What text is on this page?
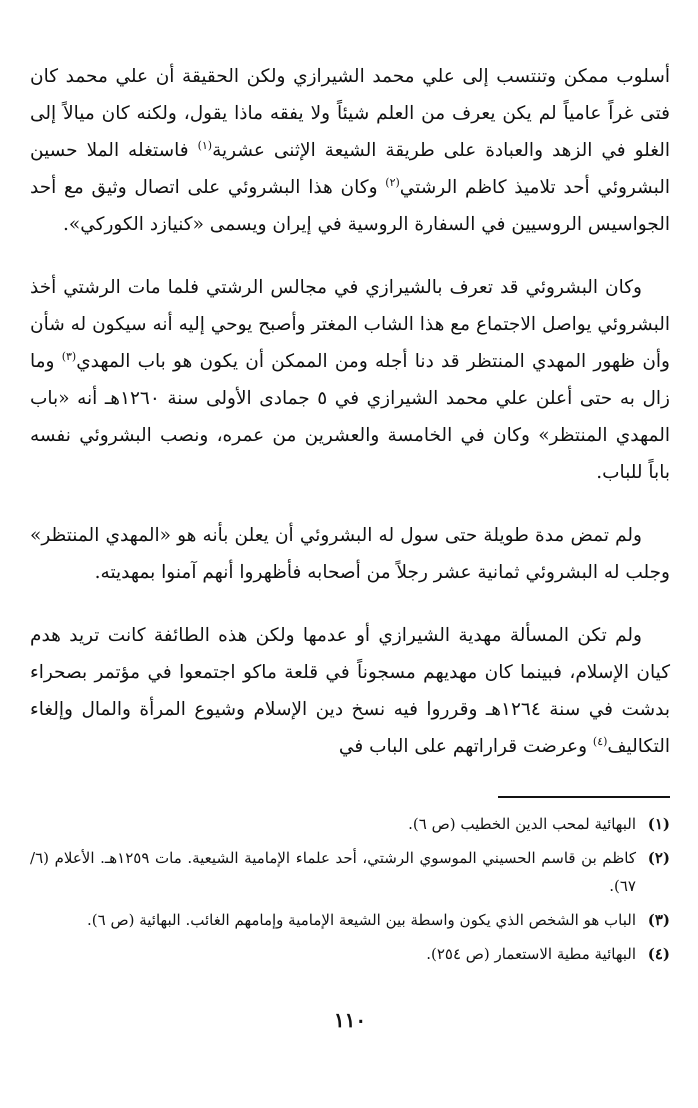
أسلوب ممكن وتنتسب إلى علي محمد الشيرازي ولكن الحقيقة أن علي محمد كان فتى غراً عامياً لم يكن يعرف من العلم شيئاً ولا يفقه ماذا يقول، ولكنه كان ميالاً إلى الغلو في الزهد والعبادة على طريقة الشيعة الإثنى عشرية$^{(١)}$ فاستغله الملا حسين البشروئي أحد تلاميذ كاظم الرشتي$^{(٢)}$ وكان هذا البشروئي على اتصال وثيق مع أحد الجواسيس الروسيين في السفارة الروسية في إيران ويسمى «كنيازد الكوركي».

وكان البشروئي قد تعرف بالشيرازي في مجالس الرشتي فلما مات الرشتي أخذ البشروئي يواصل الاجتماع مع هذا الشاب المغتر وأصبح يوحي إليه أنه سيكون له شأن وأن ظهور المهدي المنتظر قد دنا أجله ومن الممكن أن يكون هو باب المهدي$^{(٣)}$ وما زال به حتى أعلن علي محمد الشيرازي في ٥ جمادى الأولى سنة ١٢٦٠هـ أنه «باب المهدي المنتظر» وكان في الخامسة والعشرين من عمره، ونصب البشروئي نفسه باباً للباب.

ولم تمض مدة طويلة حتى سول له البشروئي أن يعلن بأنه هو «المهدي المنتظر» وجلب له البشروئي ثمانية عشر رجلاً من أصحابه فأظهروا أنهم آمنوا بمهديته.

ولم تكن المسألة مهدية الشيرازي أو عدمها ولكن هذه الطائفة كانت تريد هدم كيان الإسلام، فبينما كان مهديهم مسجوناً في قلعة ماكو اجتمعوا في مؤتمر بصحراء بدشت في سنة ١٢٦٤هـ وقرروا فيه نسخ دين الإسلام وشيوع المرأة والمال وإلغاء التكاليف$^{(٤)}$ وعرضت قراراتهم على الباب في

(١)
البهائية لمحب الدين الخطيب (ص ٦).
(٢)
كاظم بن قاسم الحسيني الموسوي الرشتي، أحد علماء الإمامية الشيعية. مات ١٢٥٩هـ. الأعلام (٦/ ٦٧).
(٣)
الباب هو الشخص الذي يكون واسطة بين الشيعة الإمامية وإمامهم الغائب. البهائية (ص ٦).
(٤)
البهائية مطية الاستعمار (ص ٢٥٤).
١١٠
